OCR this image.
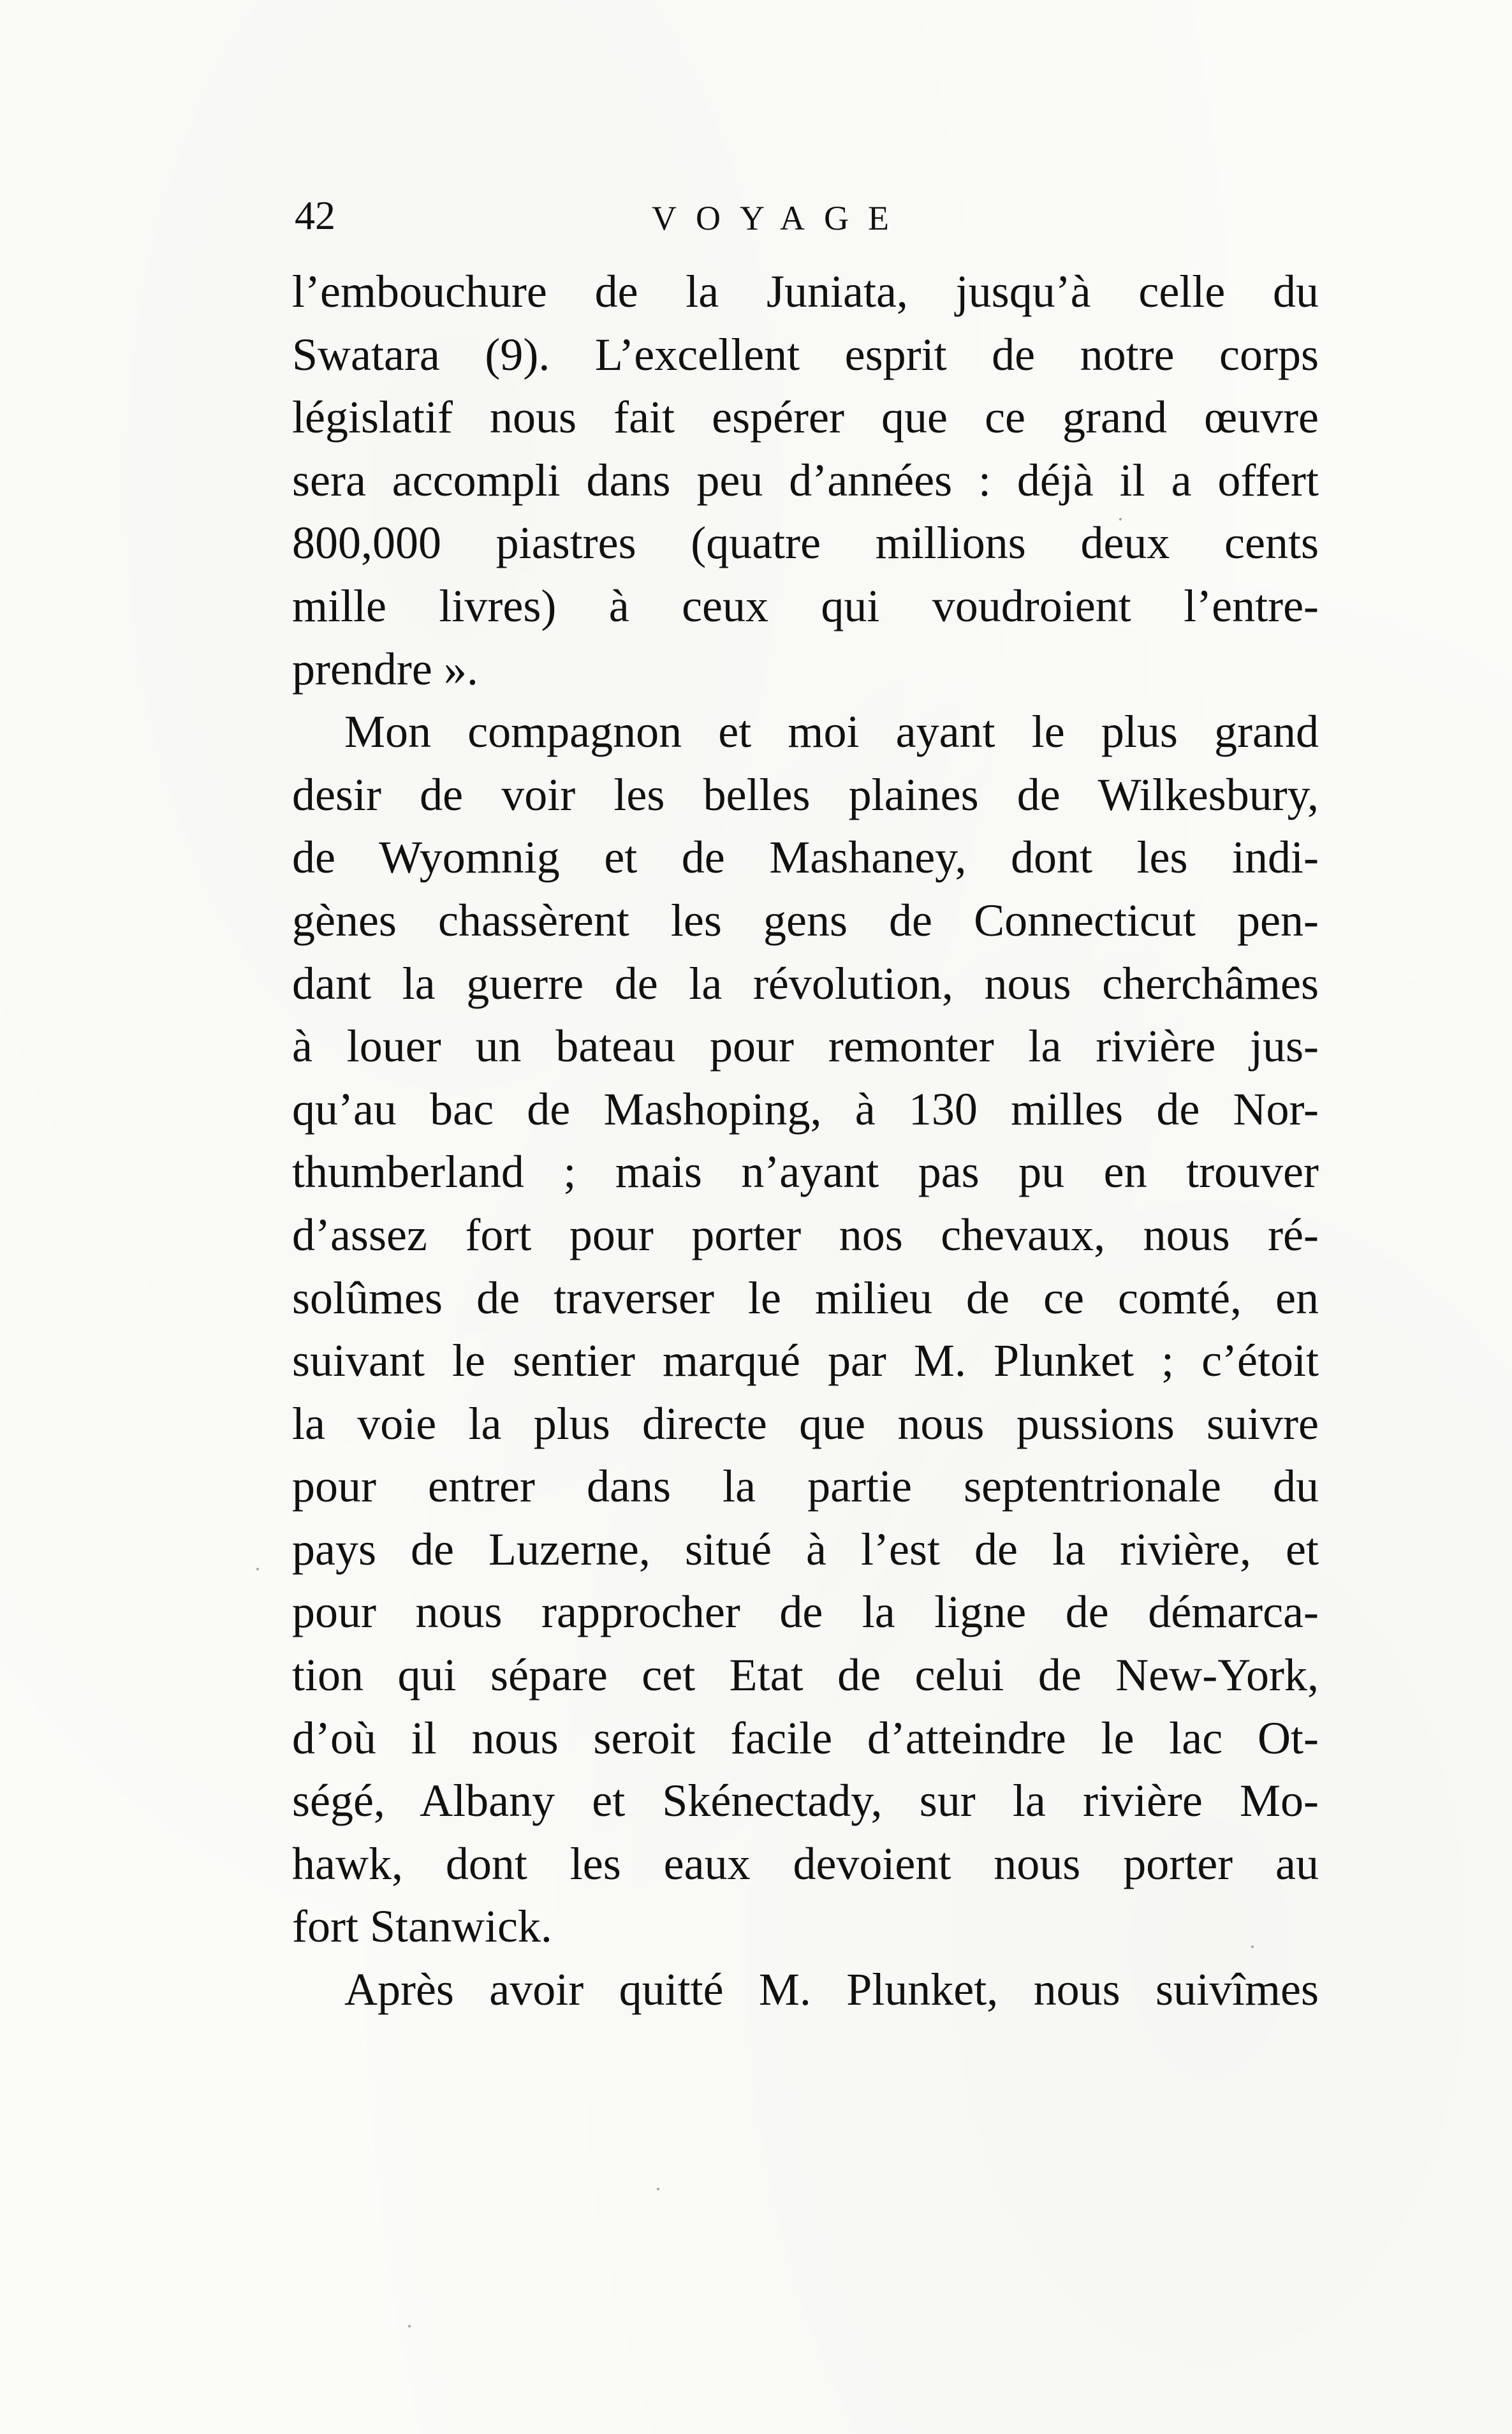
42	VOYAGE
l’embouchure de la Juniata, jusqu’à celle du
Swatara (9). L’excellent esprit de notre corps
législatif nous fait espérer que ce grand œuvre
sera accompli dans peu d’années : déjà il a offert
800,000 piastres (quatre millions deux cents
mille livres) à ceux qui voudroient l’entre-
prendre ».
Mon compagnon et moi ayant le plus grand
desir de voir les belles plaines de Wilkesbury,
de Wyomnig et de Mashaney, dont les indi-
gènes chassèrent les gens de Connecticut pen-
dant la guerre de la révolution, nous cherchâmes
à louer un bateau pour remonter la rivière jus-
qu’au bac de Mashoping, à 130 milles de Nor-
thumberland ; mais n’ayant pas pu en trouver
d’assez fort pour porter nos chevaux, nous ré-
solûmes de traverser le milieu de ce comté, en
suivant le sentier marqué par M. Plunket ; c’étoit
la voie la plus directe que nous pussions suivre
pour entrer dans la partie septentrionale du
pays de Luzerne, situé à l’est de la rivière, et
pour nous rapprocher de la ligne de démarca-
tion qui sépare cet Etat de celui de New-York,
d’où il nous seroit facile d’atteindre le lac Ot-
ségé, Albany et Skénectady, sur la rivière Mo-
hawk, dont les eaux devoient nous porter au
fort Stanwick.
Après avoir quitté M. Plunket, nous suivîmes
